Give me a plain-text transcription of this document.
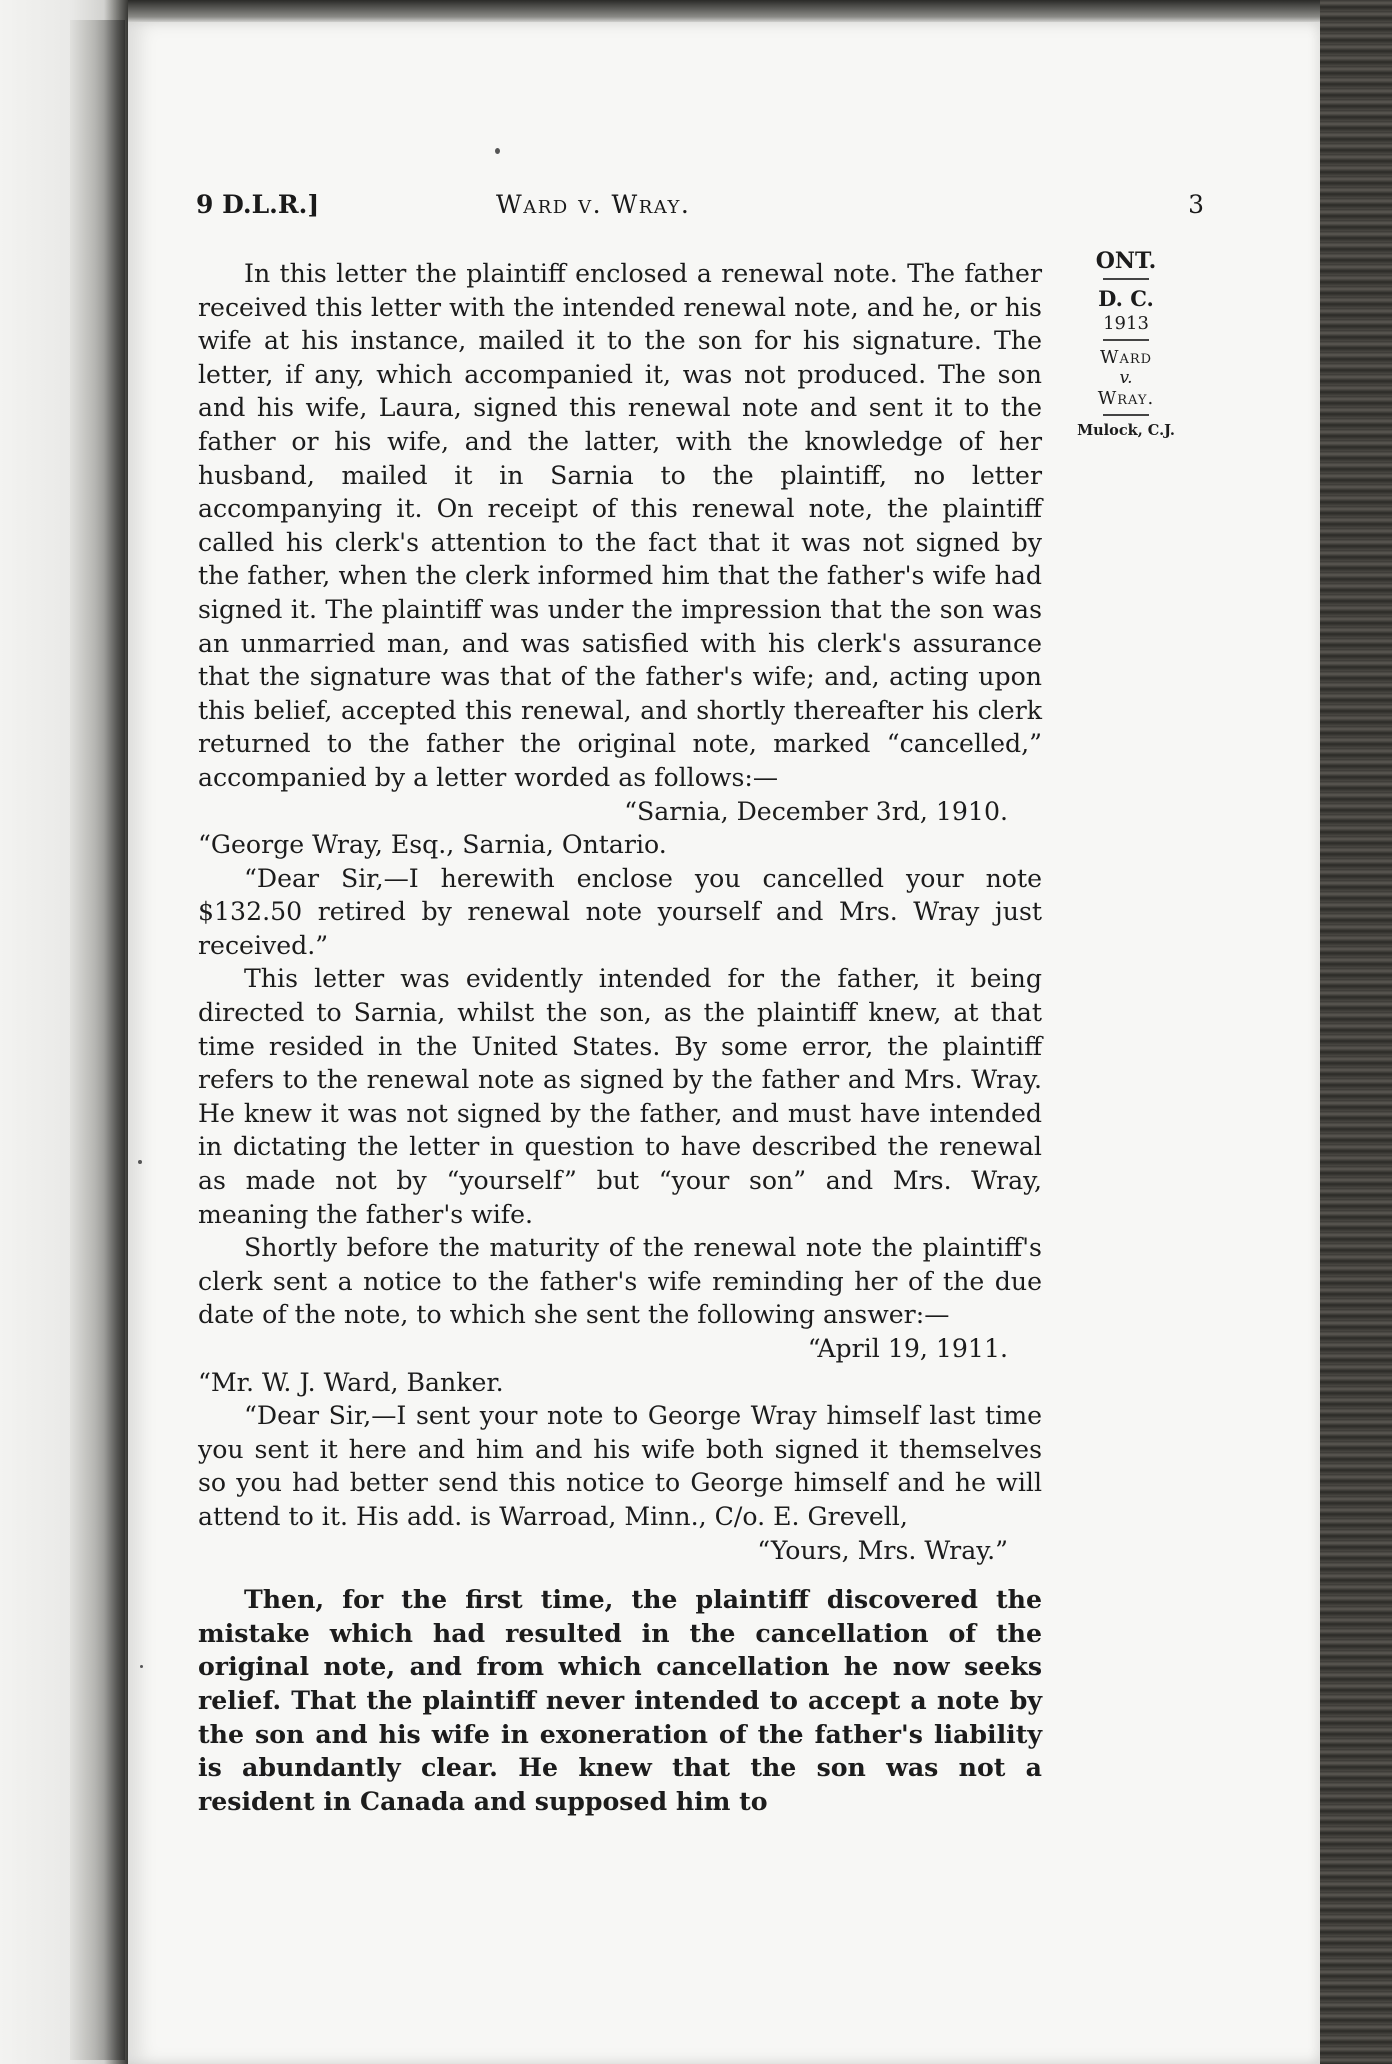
9 D.L.R.]	Ward v. Wray.	3
ONT.
D. C.
1913
Ward
v.
Wray.
Mulock, C.J.

In this letter the plaintiff enclosed a renewal note. The father received this letter with the intended renewal note, and he, or his wife at his instance, mailed it to the son for his signature. The letter, if any, which accompanied it, was not produced. The son and his wife, Laura, signed this renewal note and sent it to the father or his wife, and the latter, with the knowledge of her husband, mailed it in Sarnia to the plaintiff, no letter accompanying it. On receipt of this renewal note, the plaintiff called his clerk's attention to the fact that it was not signed by the father, when the clerk informed him that the father's wife had signed it. The plaintiff was under the impression that the son was an unmarried man, and was satisfied with his clerk's assurance that the signature was that of the father's wife; and, acting upon this belief, accepted this renewal, and shortly thereafter his clerk returned to the father the original note, marked “cancelled,” accompanied by a letter worded as follows:—

“Sarnia, December 3rd, 1910.

“George Wray, Esq., Sarnia, Ontario.

“Dear Sir,—I herewith enclose you cancelled your note $132.50 retired by renewal note yourself and Mrs. Wray just received.”

This letter was evidently intended for the father, it being directed to Sarnia, whilst the son, as the plaintiff knew, at that time resided in the United States. By some error, the plaintiff refers to the renewal note as signed by the father and Mrs. Wray. He knew it was not signed by the father, and must have intended in dictating the letter in question to have described the renewal as made not by “yourself” but “your son” and Mrs. Wray, meaning the father's wife.

Shortly before the maturity of the renewal note the plaintiff's clerk sent a notice to the father's wife reminding her of the due date of the note, to which she sent the following answer:—

“April 19, 1911.

“Mr. W. J. Ward, Banker.

“Dear Sir,—I sent your note to George Wray himself last time you sent it here and him and his wife both signed it themselves so you had better send this notice to George himself and he will attend to it. His add. is Warroad, Minn., C/o. E. Grevell,

“Yours, Mrs. Wray.”

Then, for the first time, the plaintiff discovered the mistake which had resulted in the cancellation of the original note, and from which cancellation he now seeks relief. That the plaintiff never intended to accept a note by the son and his wife in exoneration of the father's liability is abundantly clear. He knew that the son was not a resident in Canada and supposed him to
